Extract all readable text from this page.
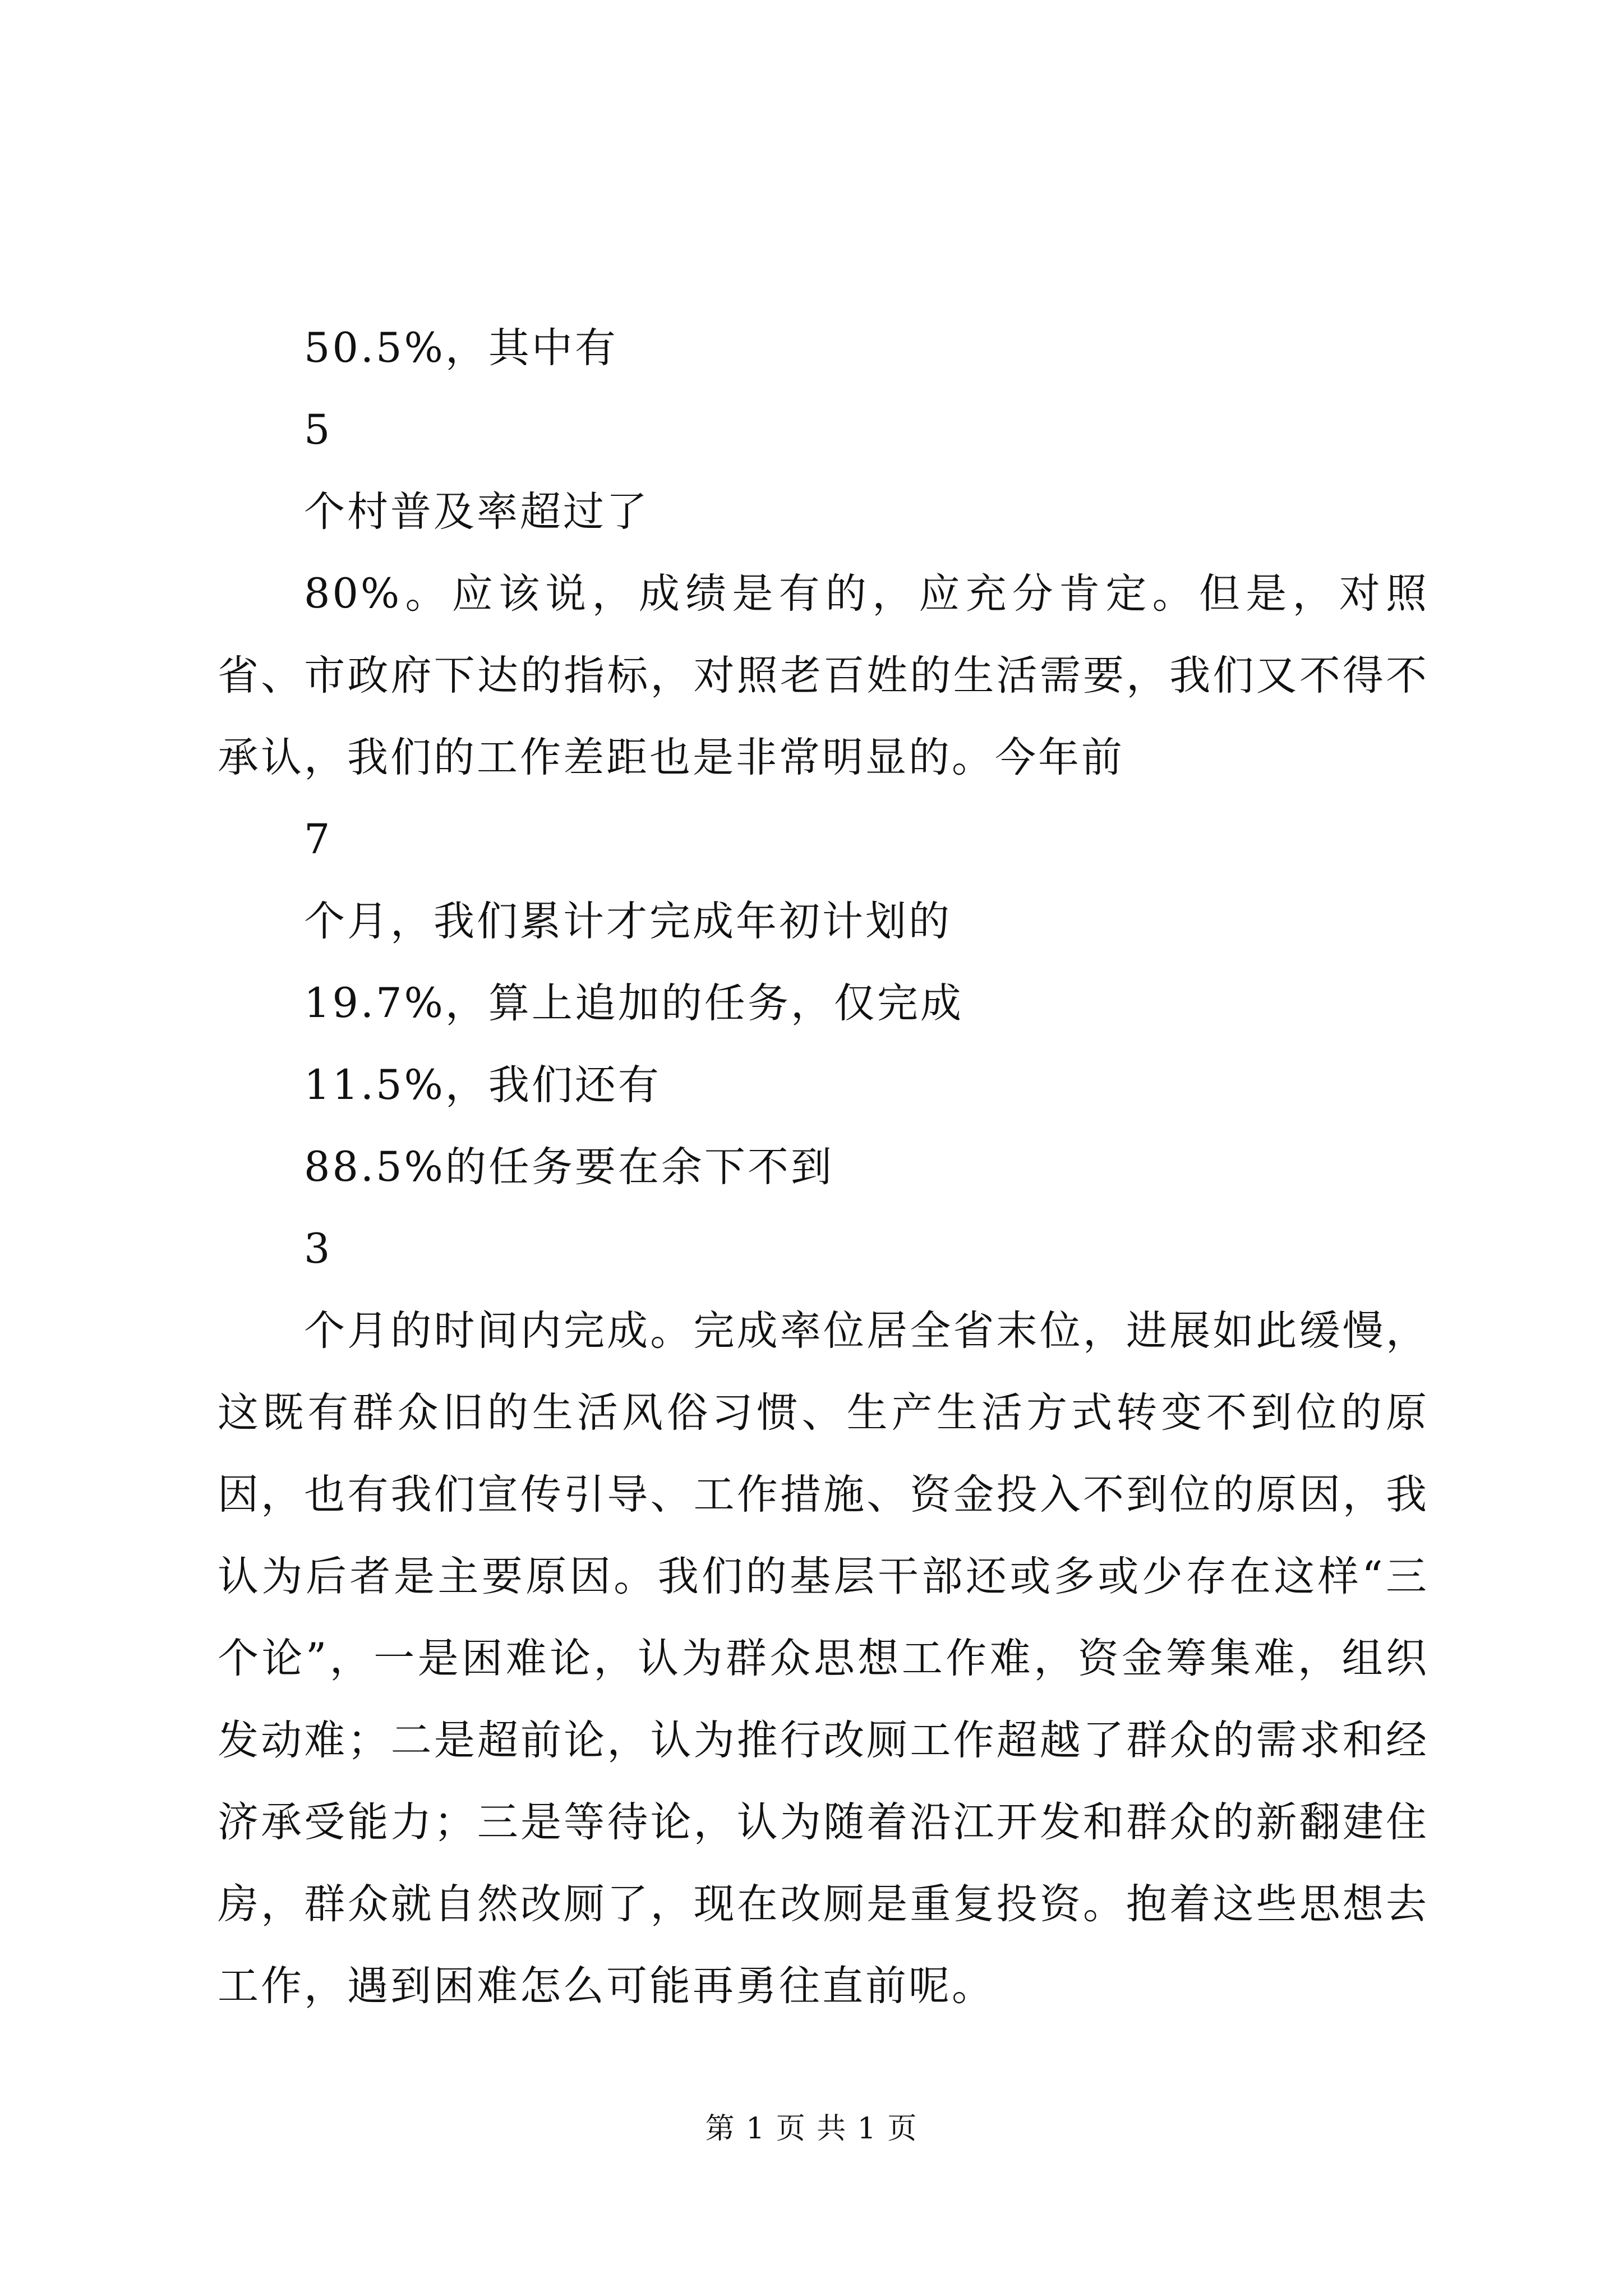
50.5%，其中有

5

个村普及率超过了

80%。应该说，成绩是有的，应充分肯定。但是，对照省、市政府下达的指标，对照老百姓的生活需要，我们又不得不承认，我们的工作差距也是非常明显的。今年前

7

个月，我们累计才完成年初计划的

19.7%，算上追加的任务，仅完成

11.5%，我们还有

88.5%的任务要在余下不到

3

个月的时间内完成。完成率位居全省末位，进展如此缓慢，这既有群众旧的生活风俗习惯、生产生活方式转变不到位的原因，也有我们宣传引导、工作措施、资金投入不到位的原因，我认为后者是主要原因。我们的基层干部还或多或少存在这样“三个论”，一是困难论，认为群众思想工作难，资金筹集难，组织发动难；二是超前论，认为推行改厕工作超越了群众的需求和经济承受能力；三是等待论，认为随着沿江开发和群众的新翻建住房，群众就自然改厕了，现在改厕是重复投资。抱着这些思想去工作，遇到困难怎么可能再勇往直前呢。

第 1 页 共 1 页
